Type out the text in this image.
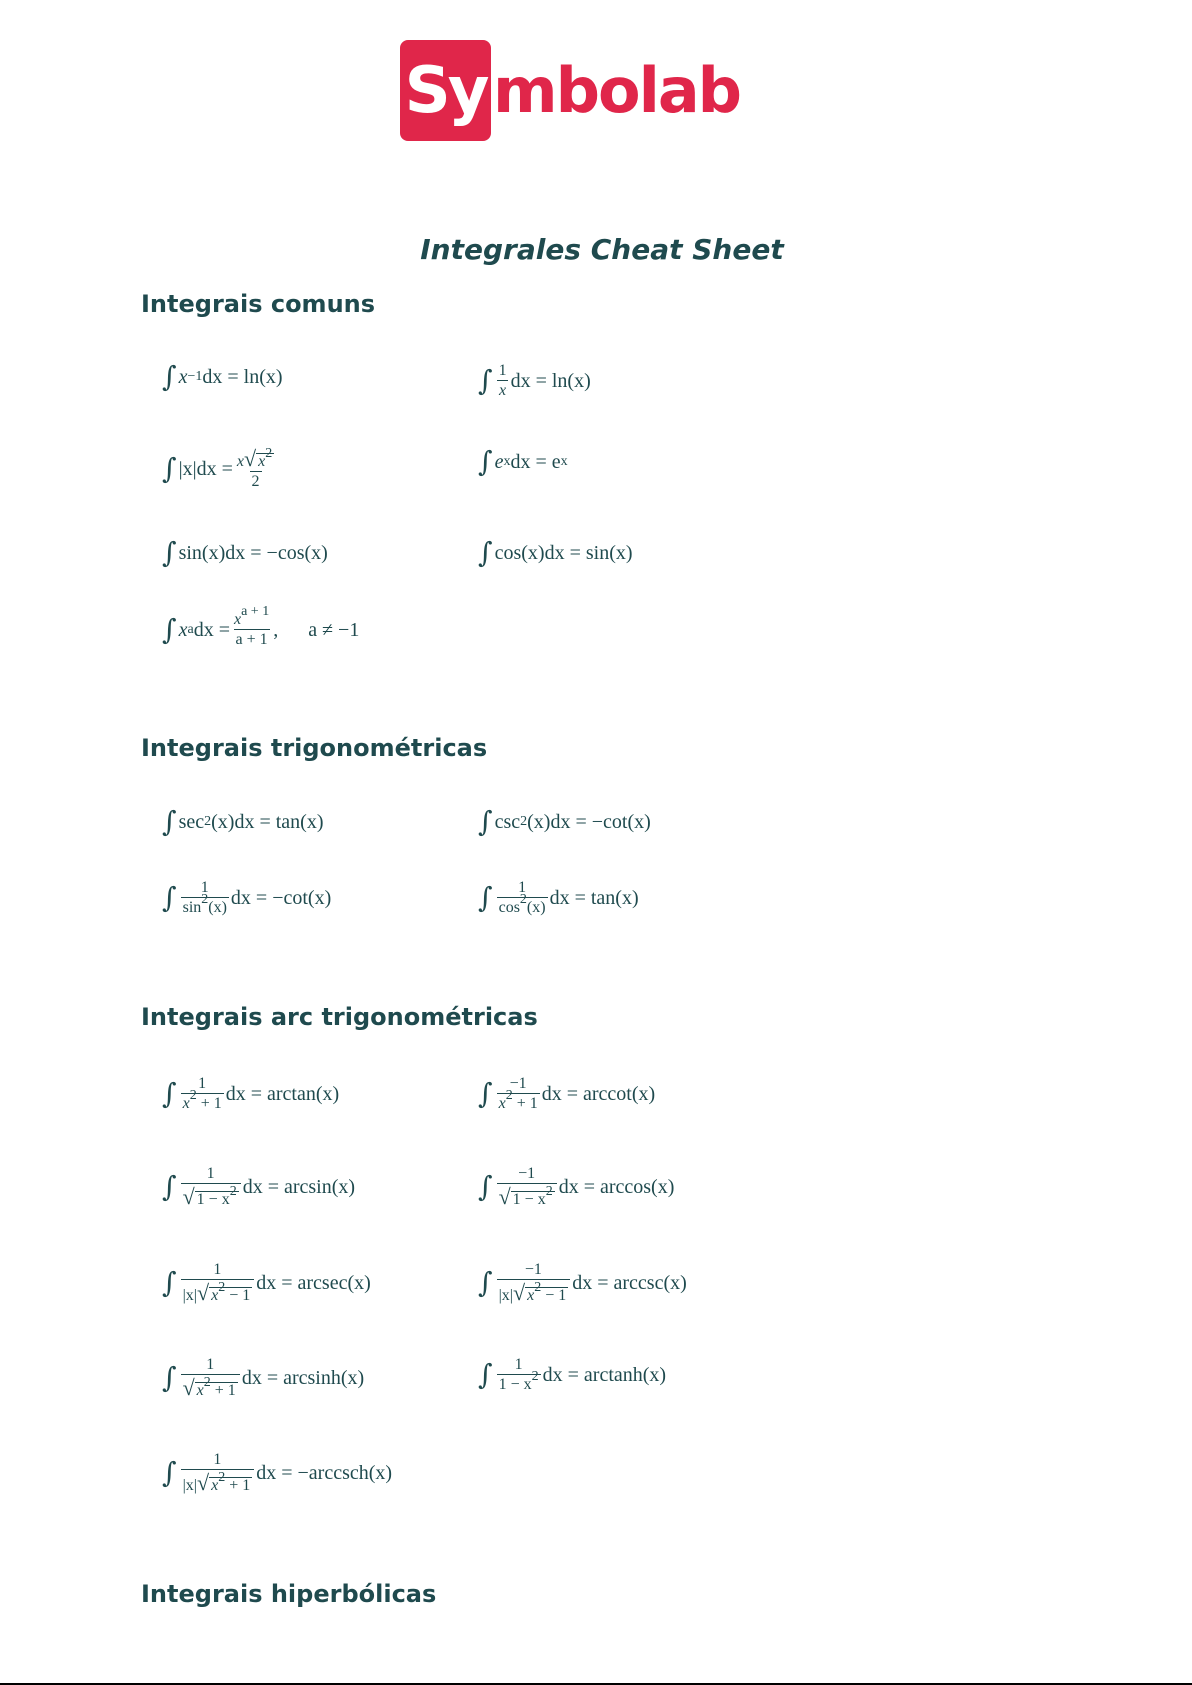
Sy mbolab
Integrales Cheat Sheet
Integrais comuns
∫ x −1 dx = ln(x)	∫ $\frac{1}{x}$ dx = ln(x)
∫ $|x|dx = \frac{x √ x^2}{2}$	∫ e x dx = e x
∫ sin(x)dx = −cos(x)	∫ cos(x)dx = sin(x)
∫ x a dx = $\frac{x^{a + 1}}{a + 1}$ , a ≠ −1
Integrais trigonométricas
∫ sec 2 (x)dx = tan(x)	∫ csc 2 (x)dx = −cot(x)
∫ $\frac{1}{\sin^2(x)}$ dx = −cot(x)	∫ $\frac{1}{\cos^2(x)}$ dx = tan(x)
Integrais arc trigonométricas
∫ $\frac{1}{x^2 + 1}$ dx = arctan(x)	∫ $\frac{-1}{x^2 + 1}$ dx = arccot(x)
∫ $\frac{1}{√ 1 - x^2}$ dx = arcsin(x)	∫ $\frac{-1}{√ 1 - x^2}$ dx = arccos(x)
∫ $\frac{1}{|x| √ x^2 - 1}$ dx = arcsec(x)	∫ $\frac{-1}{|x| √ x^2 - 1}$ dx = arccsc(x)
∫ $\frac{1}{√ x^2 + 1}$ dx = arcsinh(x)	∫ $\frac{1}{1 - x^2}$ dx = arctanh(x)
∫ $\frac{1}{|x| √ x^2 + 1}$ dx = −arccsch(x)
Integrais hiperbólicas
